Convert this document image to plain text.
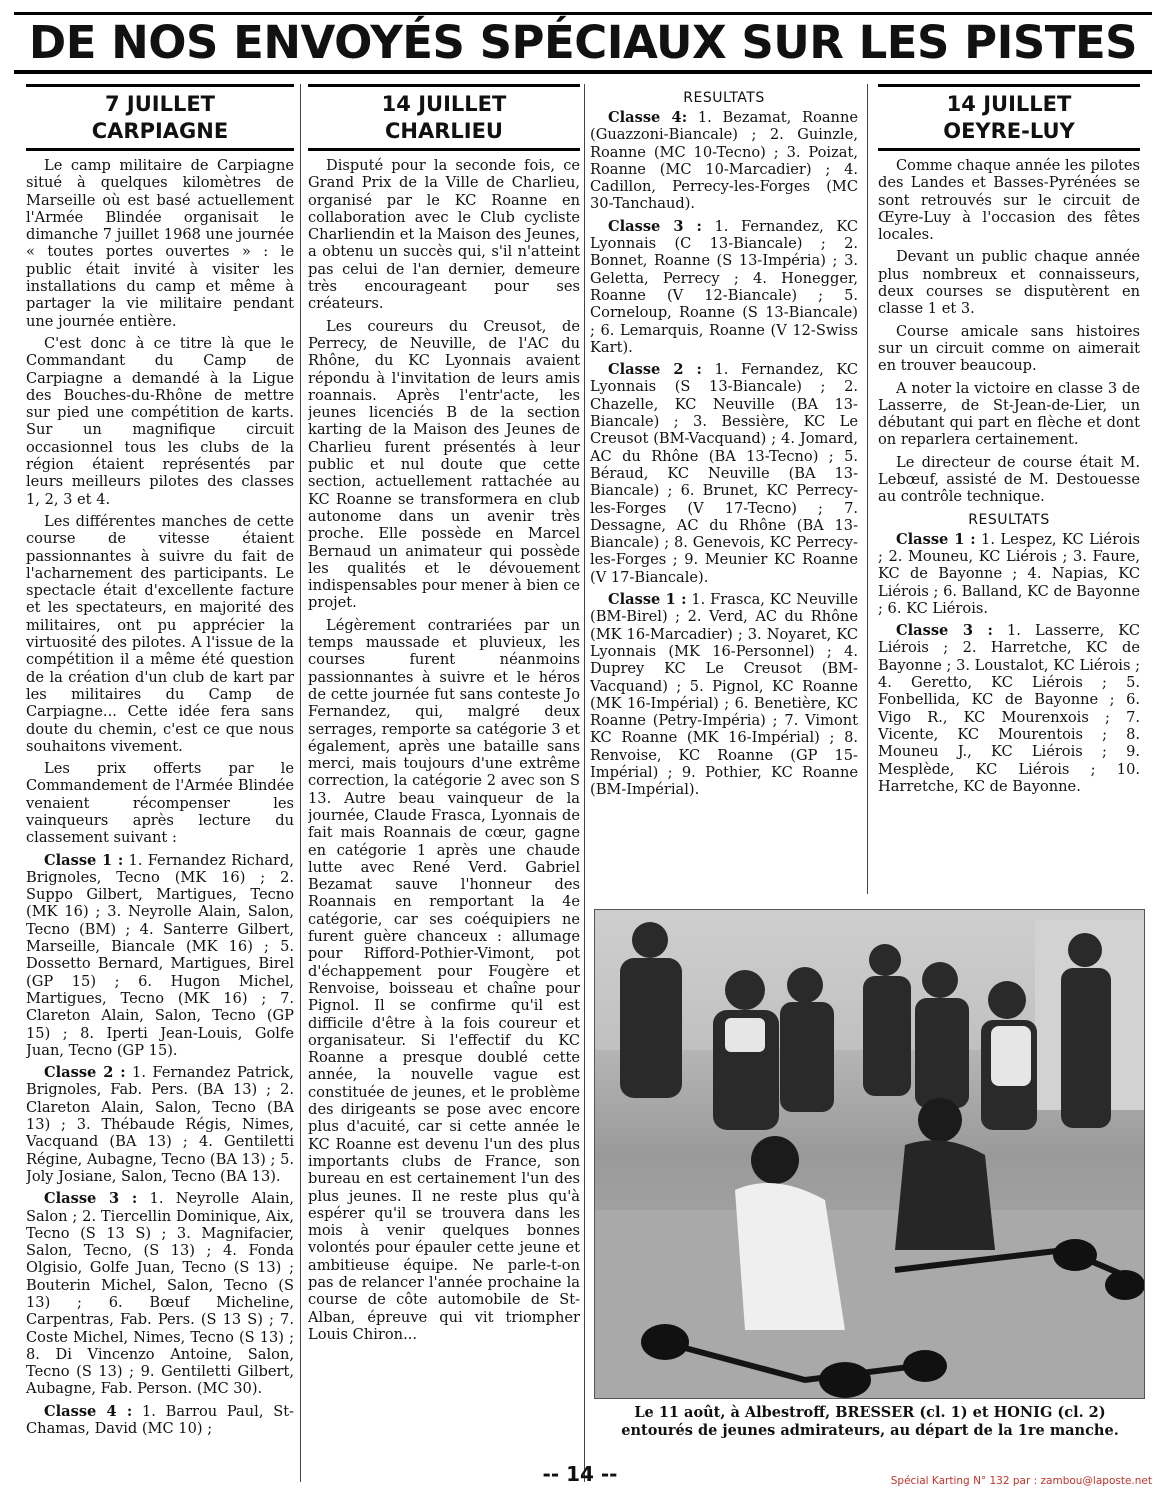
DE NOS ENVOYÉS SPÉCIAUX SUR LES PISTES
7 JUILLET
CARPIAGNE

Le camp militaire de Carpiagne situé à quelques kilomètres de Marseille où est basé actuellement l'Armée Blindée organisait le dimanche 7 juillet 1968 une journée « toutes portes ouvertes » : le public était invité à visiter les installations du camp et même à partager la vie militaire pendant une journée entière.

C'est donc à ce titre là que le Commandant du Camp de Carpiagne a demandé à la Ligue des Bouches-du-Rhône de mettre sur pied une compétition de karts. Sur un magnifique circuit occasionnel tous les clubs de la région étaient représentés par leurs meilleurs pilotes des classes 1, 2, 3 et 4.

Les différentes manches de cette course de vitesse étaient passionnantes à suivre du fait de l'acharnement des participants. Le spectacle était d'excellente facture et les spectateurs, en majorité des militaires, ont pu apprécier la virtuosité des pilotes. A l'issue de la compétition il a même été question de la création d'un club de kart par les militaires du Camp de Carpiagne... Cette idée fera sans doute du chemin, c'est ce que nous souhaitons vivement.

Les prix offerts par le Commandement de l'Armée Blindée venaient récompenser les vainqueurs après lecture du classement suivant :

Classe 1 : 1. Fernandez Richard, Brignoles, Tecno (MK 16) ; 2. Suppo Gilbert, Martigues, Tecno (MK 16) ; 3. Neyrolle Alain, Salon, Tecno (BM) ; 4. Santerre Gilbert, Marseille, Biancale (MK 16) ; 5. Dossetto Bernard, Martigues, Birel (GP 15) ; 6. Hugon Michel, Martigues, Tecno (MK 16) ; 7. Clareton Alain, Salon, Tecno (GP 15) ; 8. Iperti Jean-Louis, Golfe Juan, Tecno (GP 15).

Classe 2 : 1. Fernandez Patrick, Brignoles, Fab. Pers. (BA 13) ; 2. Clareton Alain, Salon, Tecno (BA 13) ; 3. Thébaude Régis, Nimes, Vacquand (BA 13) ; 4. Gentiletti Régine, Aubagne, Tecno (BA 13) ; 5. Joly Josiane, Salon, Tecno (BA 13).

Classe 3 : 1. Neyrolle Alain, Salon ; 2. Tiercellin Dominique, Aix, Tecno (S 13 S) ; 3. Magnifacier, Salon, Tecno, (S 13) ; 4. Fonda Olgisio, Golfe Juan, Tecno (S 13) ; Bouterin Michel, Salon, Tecno (S 13) ; 6. Bœuf Micheline, Carpentras, Fab. Pers. (S 13 S) ; 7. Coste Michel, Nimes, Tecno (S 13) ; 8. Di Vincenzo Antoine, Salon, Tecno (S 13) ; 9. Gentiletti Gilbert, Aubagne, Fab. Person. (MC 30).

Classe 4 : 1. Barrou Paul, St-Chamas, David (MC 10) ;

14 JUILLET
CHARLIEU

Disputé pour la seconde fois, ce Grand Prix de la Ville de Charlieu, organisé par le KC Roanne en collaboration avec le Club cycliste Charliendin et la Maison des Jeunes, a obtenu un succès qui, s'il n'atteint pas celui de l'an dernier, demeure très encourageant pour ses créateurs.

Les coureurs du Creusot, de Perrecy, de Neuville, de l'AC du Rhône, du KC Lyonnais avaient répondu à l'invitation de leurs amis roannais. Après l'entr'acte, les jeunes licenciés B de la section karting de la Maison des Jeunes de Charlieu furent présentés à leur public et nul doute que cette section, actuellement rattachée au KC Roanne se transformera en club autonome dans un avenir très proche. Elle possède en Marcel Bernaud un animateur qui possède les qualités et le dévouement indispensables pour mener à bien ce projet.

Légèrement contrariées par un temps maussade et pluvieux, les courses furent néanmoins passionnantes à suivre et le héros de cette journée fut sans conteste Jo Fernandez, qui, malgré deux serrages, remporte sa catégorie 3 et également, après une bataille sans merci, mais toujours d'une extrême correction, la catégorie 2 avec son S 13. Autre beau vainqueur de la journée, Claude Frasca, Lyonnais de fait mais Roannais de cœur, gagne en catégorie 1 après une chaude lutte avec René Verd. Gabriel Bezamat sauve l'honneur des Roannais en remportant la 4e catégorie, car ses coéquipiers ne furent guère chanceux : allumage pour Rifford-Pothier-Vimont, pot d'échappement pour Fougère et Renvoise, boisseau et chaîne pour Pignol. Il se confirme qu'il est difficile d'être à la fois coureur et organisateur. Si l'effectif du KC Roanne a presque doublé cette année, la nouvelle vague est constituée de jeunes, et le problème des dirigeants se pose avec encore plus d'acuité, car si cette année le KC Roanne est devenu l'un des plus importants clubs de France, son bureau en est certainement l'un des plus jeunes. Il ne reste plus qu'à espérer qu'il se trouvera dans les mois à venir quelques bonnes volontés pour épauler cette jeune et ambitieuse équipe. Ne parle-t-on pas de relancer l'année prochaine la course de côte automobile de St-Alban, épreuve qui vit triompher Louis Chiron...

RESULTATS

Classe 4: 1. Bezamat, Roanne (Guazzoni-Biancale) ; 2. Guinzle, Roanne (MC 10-Tecno) ; 3. Poizat, Roanne (MC 10-Marcadier) ; 4. Cadillon, Perrecy-les-Forges (MC 30-Tanchaud).

Classe 3 : 1. Fernandez, KC Lyonnais (C 13-Biancale) ; 2. Bonnet, Roanne (S 13-Impéria) ; 3. Geletta, Perrecy ; 4. Honegger, Roanne (V 12-Biancale) ; 5. Corneloup, Roanne (S 13-Biancale) ; 6. Lemarquis, Roanne (V 12-Swiss Kart).

Classe 2 : 1. Fernandez, KC Lyonnais (S 13-Biancale) ; 2. Chazelle, KC Neuville (BA 13-Biancale) ; 3. Bessière, KC Le Creusot (BM-Vacquand) ; 4. Jomard, AC du Rhône (BA 13-Tecno) ; 5. Béraud, KC Neuville (BA 13-Biancale) ; 6. Brunet, KC Perrecy-les-Forges (V 17-Tecno) ; 7. Dessagne, AC du Rhône (BA 13-Biancale) ; 8. Genevois, KC Perrecy-les-Forges ; 9. Meunier KC Roanne (V 17-Biancale).

Classe 1 : 1. Frasca, KC Neuville (BM-Birel) ; 2. Verd, AC du Rhône (MK 16-Marcadier) ; 3. Noyaret, KC Lyonnais (MK 16-Personnel) ; 4. Duprey KC Le Creusot (BM-Vacquand) ; 5. Pignol, KC Roanne (MK 16-Impérial) ; 6. Benetière, KC Roanne (Petry-Impéria) ; 7. Vimont KC Roanne (MK 16-Impérial) ; 8. Renvoise, KC Roanne (GP 15-Impérial) ; 9. Pothier, KC Roanne (BM-Impérial).

14 JUILLET
OEYRE-LUY

Comme chaque année les pilotes des Landes et Basses-Pyrénées se sont retrouvés sur le circuit de Œyre-Luy à l'occasion des fêtes locales.

Devant un public chaque année plus nombreux et connaisseurs, deux courses se disputèrent en classe 1 et 3.

Course amicale sans histoires sur un circuit comme on aimerait en trouver beaucoup.

A noter la victoire en classe 3 de Lasserre, de St-Jean-de-Lier, un débutant qui part en flèche et dont on reparlera certainement.

Le directeur de course était M. Lebœuf, assisté de M. Destouesse au contrôle technique.

RESULTATS

Classe 1 : 1. Lespez, KC Liérois ; 2. Mouneu, KC Liérois ; 3. Faure, KC de Bayonne ; 4. Napias, KC Liérois ; 6. Balland, KC de Bayonne ; 6. KC Liérois.

Classe 3 : 1. Lasserre, KC Liérois ; 2. Harretche, KC de Bayonne ; 3. Loustalot, KC Liérois ; 4. Geretto, KC Liérois ; 5. Fonbellida, KC de Bayonne ; 6. Vigo R., KC Mourenxois ; 7. Vicente, KC Mourentois ; 8. Mouneu J., KC Liérois ; 9. Mesplède, KC Liérois ; 10. Harretche, KC de Bayonne.

Le 11 août, à Albestroff, BRESSER (cl. 1) et HONIG (cl. 2)
entourés de jeunes admirateurs, au départ de la 1re manche.
-- 14 --	Spécial Karting N° 132 par : zambou@laposte.net
